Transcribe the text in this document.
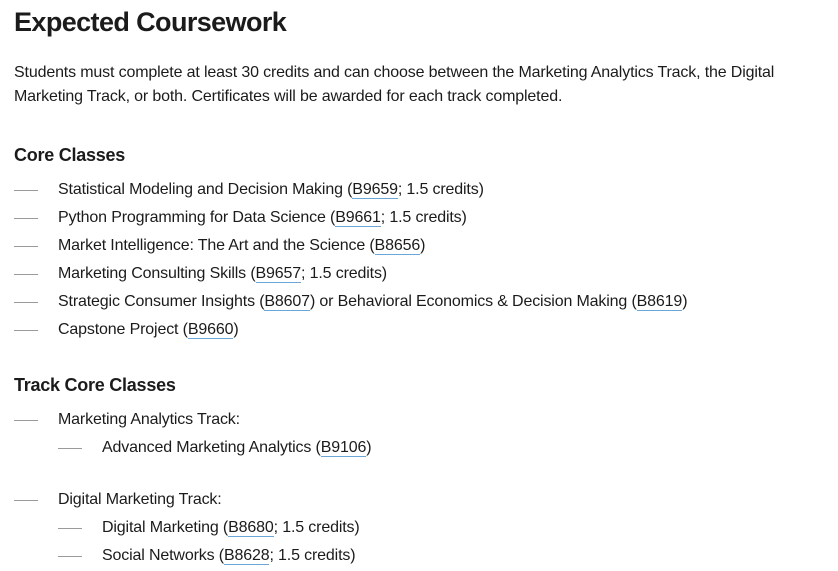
Expected Coursework

Students must complete at least 30 credits and can choose between the Marketing Analytics Track, the Digital Marketing Track, or both. Certificates will be awarded for each track completed.

Core Classes
Statistical Modeling and Decision Making (B9659; 1.5 credits)
Python Programming for Data Science (B9661; 1.5 credits)
Market Intelligence: The Art and the Science (B8656)
Marketing Consulting Skills (B9657; 1.5 credits)
Strategic Consumer Insights (B8607) or Behavioral Economics & Decision Making (B8619)
Capstone Project (B9660)
Track Core Classes
Marketing Analytics Track:
Advanced Marketing Analytics (B9106)
Digital Marketing Track:
Digital Marketing (B8680; 1.5 credits)
Social Networks (B8628; 1.5 credits)
